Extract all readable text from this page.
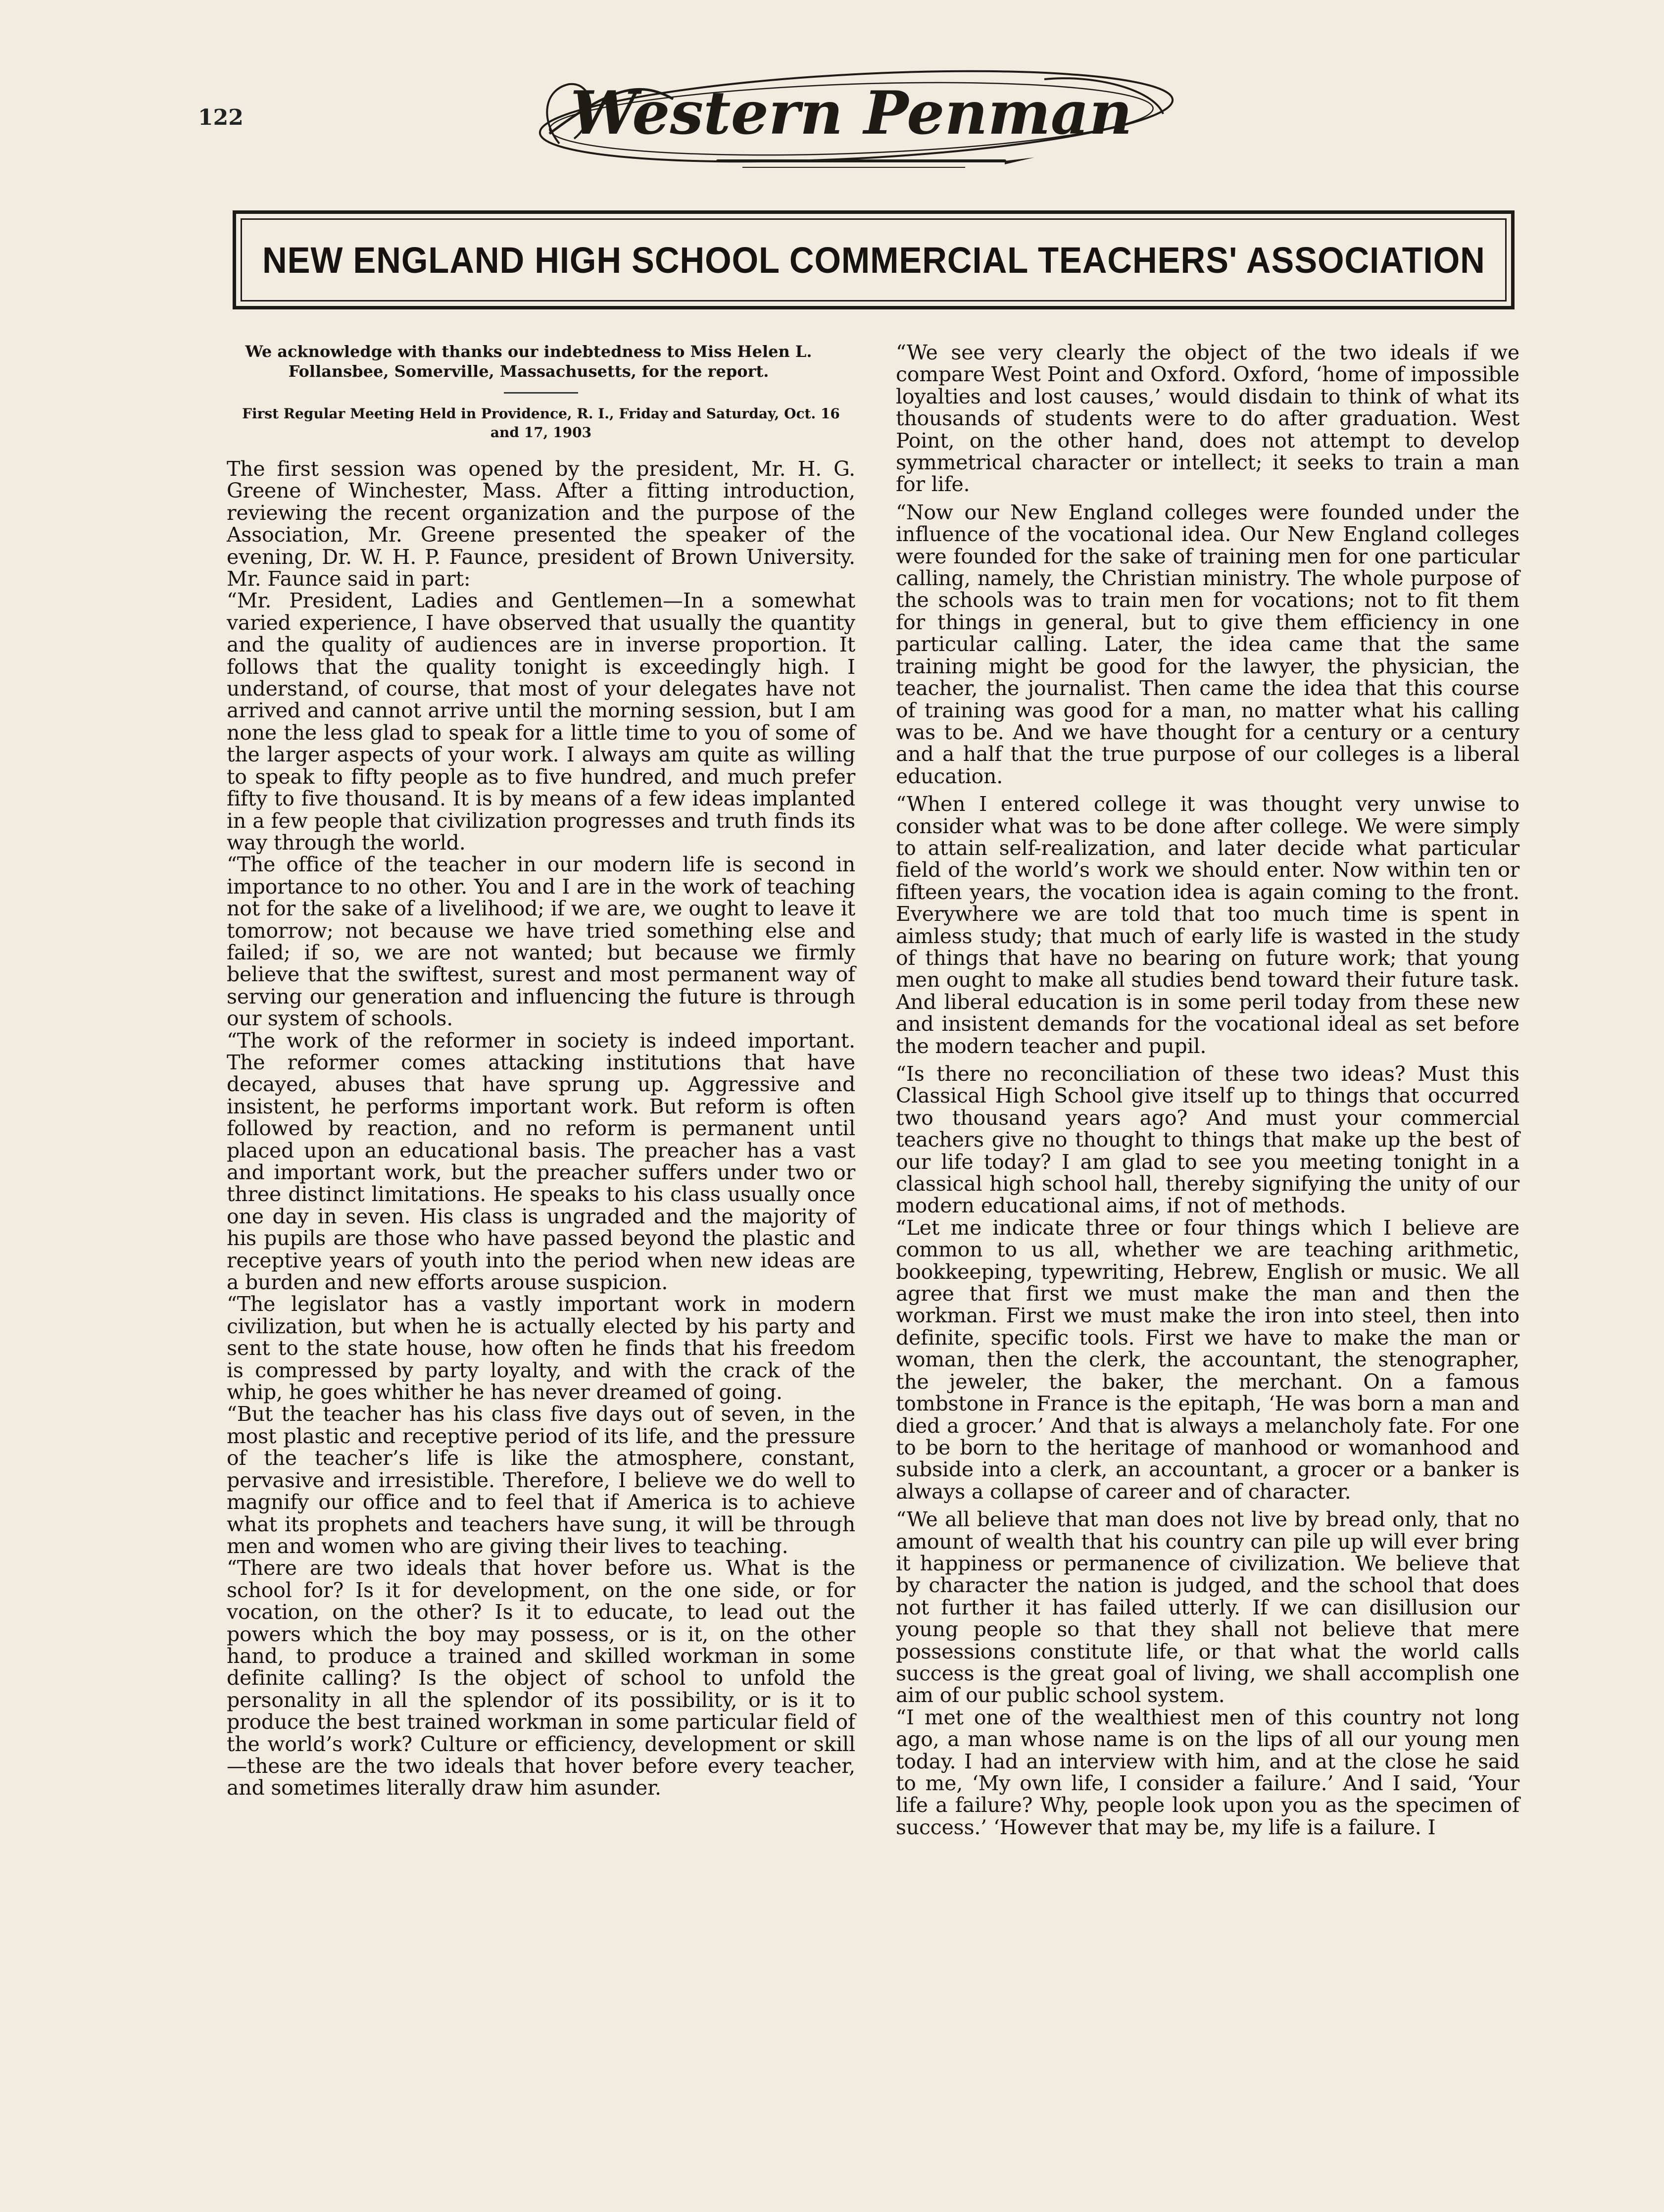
122	Western Penman
NEW ENGLAND HIGH SCHOOL COMMERCIAL TEACHERS' ASSOCIATION

We acknowledge with thanks our indebtedness to Miss Helen L. Follansbee, Somerville, Massachusetts, for the report.

First Regular Meeting Held in Providence, R. I., Friday and Saturday, Oct. 16 and 17, 1903

The first session was opened by the president, Mr. H. G. Greene of Winchester, Mass. After a fitting introduction, reviewing the recent organization and the purpose of the Association, Mr. Greene presented the speaker of the evening, Dr. W. H. P. Faunce, president of Brown University. Mr. Faunce said in part:

“Mr. President, Ladies and Gentlemen—In a somewhat varied experience, I have observed that usually the quantity and the quality of audiences are in inverse proportion. It follows that the quality tonight is exceedingly high. I understand, of course, that most of your delegates have not arrived and cannot arrive until the morning session, but I am none the less glad to speak for a little time to you of some of the larger aspects of your work. I always am quite as willing to speak to fifty people as to five hundred, and much prefer fifty to five thousand. It is by means of a few ideas implanted in a few people that civilization progresses and truth finds its way through the world.

“The office of the teacher in our modern life is second in importance to no other. You and I are in the work of teaching not for the sake of a livelihood; if we are, we ought to leave it tomorrow; not because we have tried something else and failed; if so, we are not wanted; but because we firmly believe that the swiftest, surest and most permanent way of serving our generation and influencing the future is through our system of schools.

“The work of the reformer in society is indeed important. The reformer comes attacking institutions that have decayed, abuses that have sprung up. Aggressive and insistent, he performs important work. But reform is often followed by reaction, and no reform is permanent until placed upon an educational basis. The preacher has a vast and important work, but the preacher suffers under two or three distinct limitations. He speaks to his class usually once one day in seven. His class is ungraded and the majority of his pupils are those who have passed beyond the plastic and receptive years of youth into the period when new ideas are a burden and new efforts arouse suspicion.

“The legislator has a vastly important work in modern civilization, but when he is actually elected by his party and sent to the state house, how often he finds that his freedom is compressed by party loyalty, and with the crack of the whip, he goes whither he has never dreamed of going.

“But the teacher has his class five days out of seven, in the most plastic and receptive period of its life, and the pressure of the teacher’s life is like the atmosphere, constant, pervasive and irresistible. Therefore, I believe we do well to magnify our office and to feel that if America is to achieve what its prophets and teachers have sung, it will be through men and women who are giving their lives to teaching.

“There are two ideals that hover before us. What is the school for? Is it for development, on the one side, or for vocation, on the other? Is it to educate, to lead out the powers which the boy may possess, or is it, on the other hand, to produce a trained and skilled workman in some definite calling? Is the object of school to unfold the personality in all the splendor of its possibility, or is it to produce the best trained workman in some particular field of the world’s work? Culture or efficiency, development or skill—these are the two ideals that hover before every teacher, and sometimes literally draw him asunder.

“We see very clearly the object of the two ideals if we compare West Point and Oxford. Oxford, ‘home of impossible loyalties and lost causes,’ would disdain to think of what its thousands of students were to do after graduation. West Point, on the other hand, does not attempt to develop symmetrical character or intellect; it seeks to train a man for life.

“Now our New England colleges were founded under the influence of the vocational idea. Our New England colleges were founded for the sake of training men for one particular calling, namely, the Christian ministry. The whole purpose of the schools was to train men for vocations; not to fit them for things in general, but to give them efficiency in one particular calling. Later, the idea came that the same training might be good for the lawyer, the physician, the teacher, the journalist. Then came the idea that this course of training was good for a man, no matter what his calling was to be. And we have thought for a century or a century and a half that the true purpose of our colleges is a liberal education.

“When I entered college it was thought very unwise to consider what was to be done after college. We were simply to attain self-realization, and later decide what particular field of the world’s work we should enter. Now within ten or fifteen years, the vocation idea is again coming to the front. Everywhere we are told that too much time is spent in aimless study; that much of early life is wasted in the study of things that have no bearing on future work; that young men ought to make all studies bend toward their future task. And liberal education is in some peril today from these new and insistent demands for the vocational ideal as set before the modern teacher and pupil.

“Is there no reconciliation of these two ideas? Must this Classical High School give itself up to things that occurred two thousand years ago? And must your commercial teachers give no thought to things that make up the best of our life today? I am glad to see you meeting tonight in a classical high school hall, thereby signifying the unity of our modern educational aims, if not of methods.

“Let me indicate three or four things which I believe are common to us all, whether we are teaching arithmetic, bookkeeping, typewriting, Hebrew, English or music. We all agree that first we must make the man and then the workman. First we must make the iron into steel, then into definite, specific tools. First we have to make the man or woman, then the clerk, the accountant, the stenographer, the jeweler, the baker, the merchant. On a famous tombstone in France is the epitaph, ‘He was born a man and died a grocer.’ And that is always a melancholy fate. For one to be born to the heritage of manhood or womanhood and subside into a clerk, an accountant, a grocer or a banker is always a collapse of career and of character.

“We all believe that man does not live by bread only, that no amount of wealth that his country can pile up will ever bring it happiness or permanence of civilization. We believe that by character the nation is judged, and the school that does not further it has failed utterly. If we can disillusion our young people so that they shall not believe that mere possessions constitute life, or that what the world calls success is the great goal of living, we shall accomplish one aim of our public school system.

“I met one of the wealthiest men of this country not long ago, a man whose name is on the lips of all our young men today. I had an interview with him, and at the close he said to me, ‘My own life, I consider a failure.’ And I said, ‘Your life a failure? Why, people look upon you as the specimen of success.’ ‘However that may be, my life is a failure. I
